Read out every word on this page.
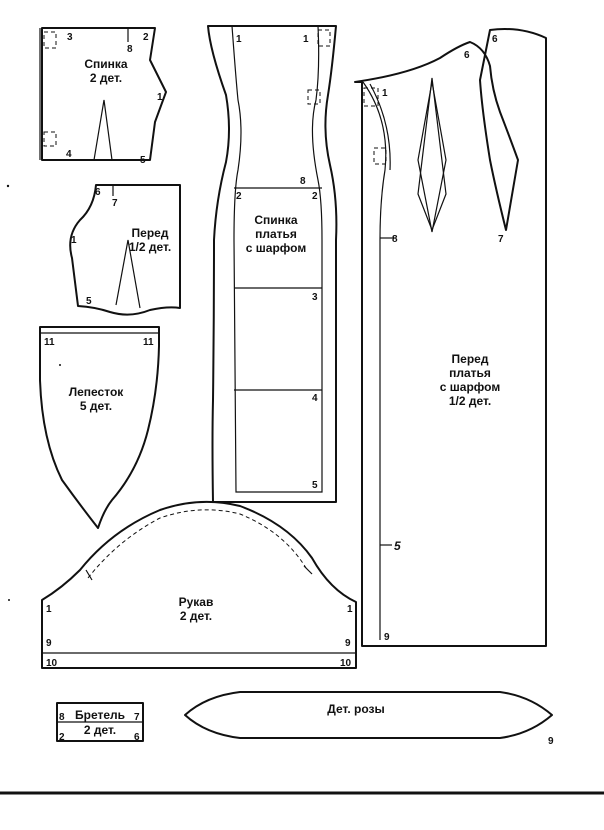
3
8
2
1
4
5
Спинка
2 дет.
6
7
1
5
Перед
1/2 дет.
11	11
Лепесток
5 дет.
1	1
8
2	2
3
4
5
Спинка
платья
с шарфом
1
6
6
8	7
5
9
Перед
платья
с шарфом
1/2 дет.
1	1
9	9
10	10
Рукав
2 дет.
8	7
2	6
Бретель
2 дет.
Дет. розы
9
